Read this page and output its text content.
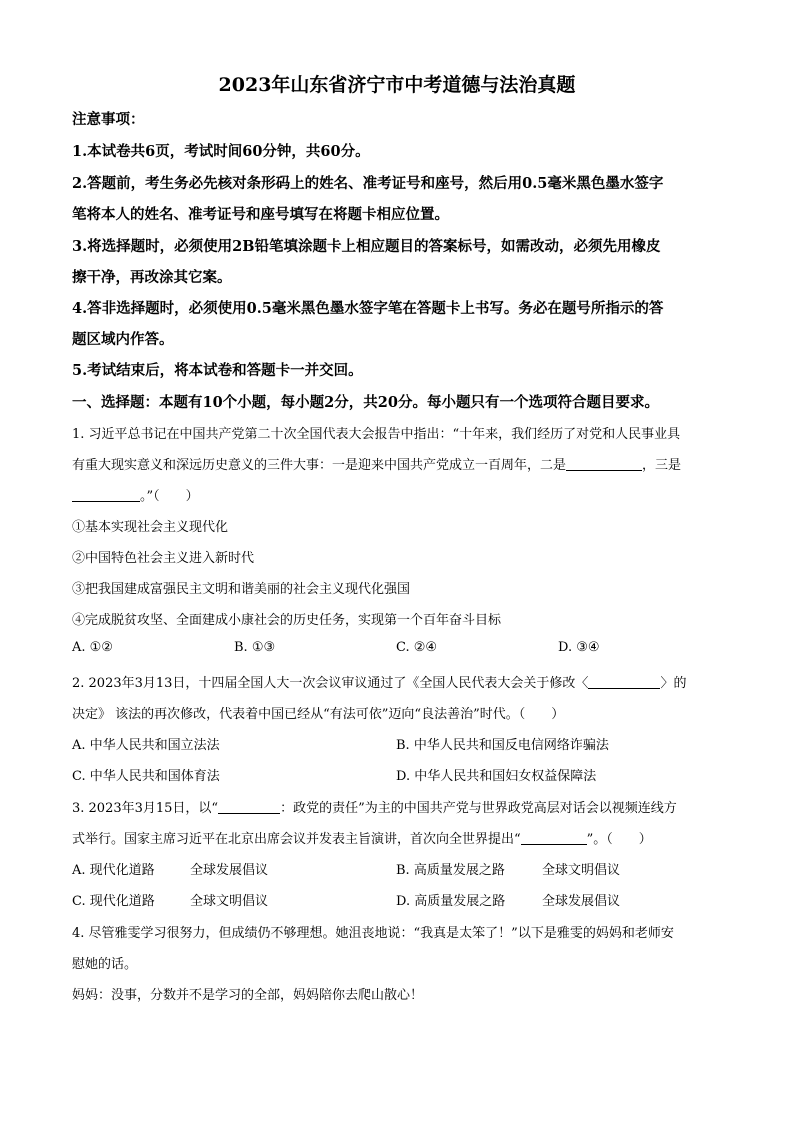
2023年山东省济宁市中考道德与法治真题
注意事项：
1.本试卷共6页，考试时间60分钟，共60分。
2.答题前，考生务必先核对条形码上的姓名、准考证号和座号，然后用0.5毫米黑色墨水签字
笔将本人的姓名、准考证号和座号填写在将题卡相应位置。
3.将选择题时，必须使用2B铅笔填涂题卡上相应题目的答案标号，如需改动，必须先用橡皮
擦干净，再改涂其它案。
4.答非选择题时，必须使用0.5毫米黑色墨水签字笔在答题卡上书写。务必在题号所指示的答
题区域内作答。
5.考试结束后，将本试卷和答题卡一并交回。
一、选择题：本题有10个小题，每小题2分，共20分。每小题只有一个选项符合题目要求。
1. 习近平总书记在中国共产党第二十次全国代表大会报告中指出：“十年来，我们经历了对党和人民事业具
有重大现实意义和深远历史意义的三件大事：一是迎来中国共产党成立一百周年，二是	，三是
。”（　　）
①基本实现社会主义现代化
②中国特色社会主义进入新时代
③把我国建成富强民主文明和谐美丽的社会主义现代化强国
④完成脱贫攻坚、全面建成小康社会的历史任务，实现第一个百年奋斗目标
A. ①②	B. ①③	C. ②④	D. ③④
2. 2023年3月13日，十四届全国人大一次会议审议通过了《全国人民代表大会关于修改〈	〉的
决定》 该法的再次修改，代表着中国已经从“有法可依”迈向“良法善治”时代。（　　）
A. 中华人民共和国立法法	B. 中华人民共和国反电信网络诈骗法
C. 中华人民共和国体育法	D. 中华人民共和国妇女权益保障法
3. 2023年3月15日，以“	：政党的责任”为主的中国共产党与世界政党高层对话会以视频连线方
式举行。国家主席习近平在北京出席会议并发表主旨演讲，首次向全世界提出“	”。（　　）
A. 现代化道路	全球发展倡议	B. 高质量发展之路	全球文明倡议
C. 现代化道路	全球文明倡议	D. 高质量发展之路	全球发展倡议
4. 尽管雅雯学习很努力，但成绩仍不够理想。她沮丧地说：“我真是太笨了！”以下是雅雯的妈妈和老师安
慰她的话。
妈妈：没事，分数并不是学习的全部，妈妈陪你去爬山散心！
